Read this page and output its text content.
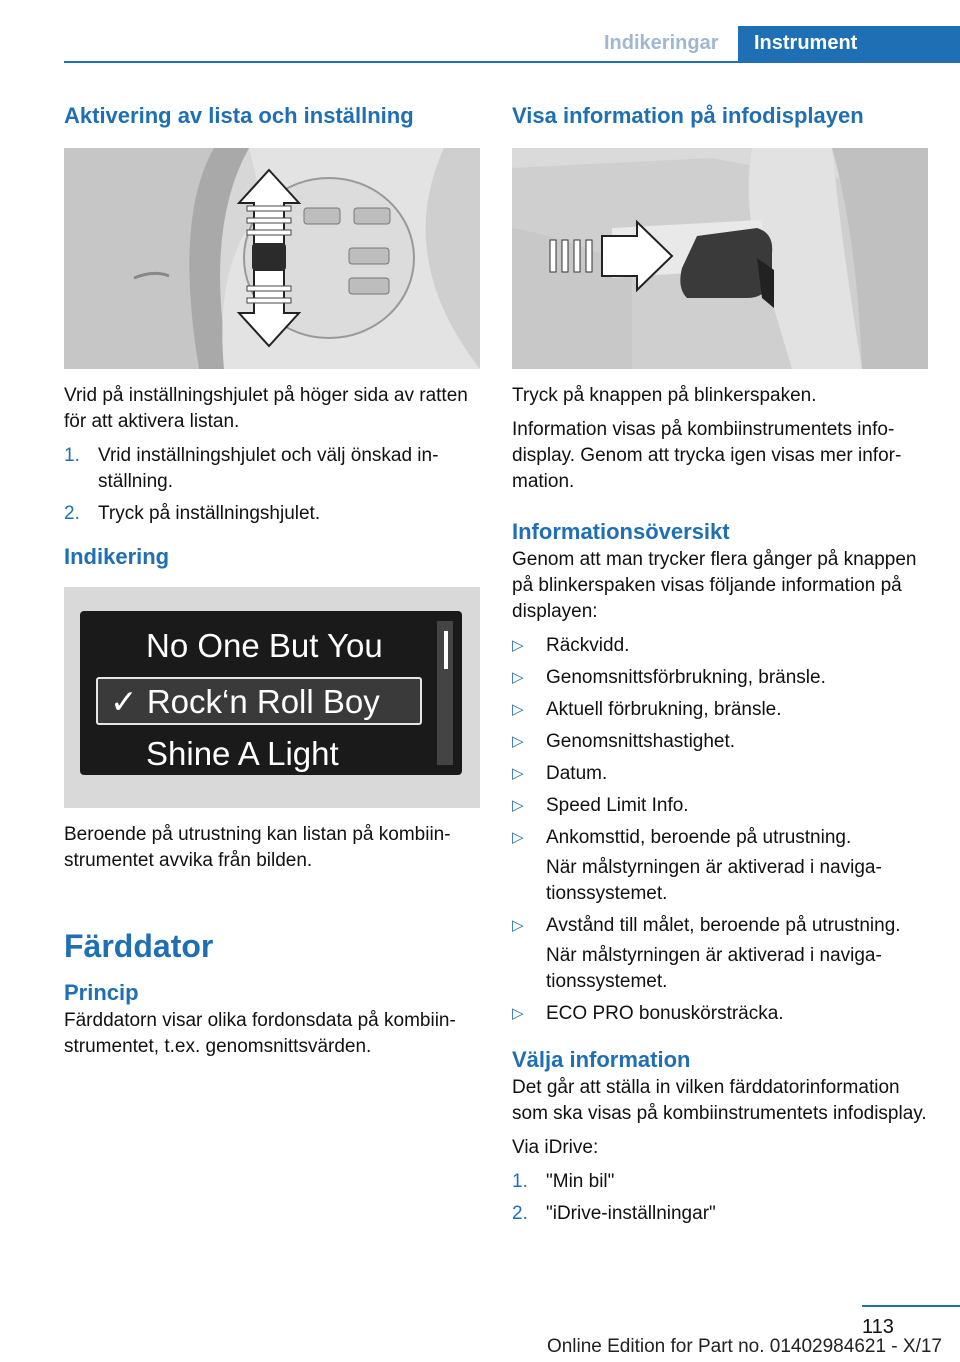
Indikeringar	Instrument
Aktivering av lista och inställning

Vrid på inställningshjulet på höger sida av ratten för att aktivera listan.

1. Vrid inställningshjulet och välj önskad inställning.
2. Tryck på inställningshjulet.
Indikering
No One But You
✓ Rock‘n Roll Boy
Shine A Light

Beroende på utrustning kan listan på kombiinstrumentet avvika från bilden.

Färddator
Princip

Färddatorn visar olika fordonsdata på kombiinstrumentet, t.ex. genomsnittsvärden.

Visa information på infodisplayen

Tryck på knappen på blinkerspaken.

Information visas på kombiinstrumentets infodisplay. Genom att trycka igen visas mer information.

Informationsöversikt

Genom att man trycker flera gånger på knappen på blinkerspaken visas följande information på displayen:

▷ Räckvidd.
▷ Genomsnittsförbrukning, bränsle.
▷ Aktuell förbrukning, bränsle.
▷ Genomsnittshastighet.
▷ Datum.
▷ Speed Limit Info.
▷ Ankomsttid, beroende på utrustning.
När målstyrningen är aktiverad i navigationssystemet.
▷ Avstånd till målet, beroende på utrustning.
När målstyrningen är aktiverad i navigationssystemet.
▷ ECO PRO bonuskörsträcka.
Välja information

Det går att ställa in vilken färddatorinformation som ska visas på kombiinstrumentets infodisplay.

Via iDrive:

1. "Min bil"
2. "iDrive-inställningar"
113
Online Edition for Part no. 01402984621 - X/17
